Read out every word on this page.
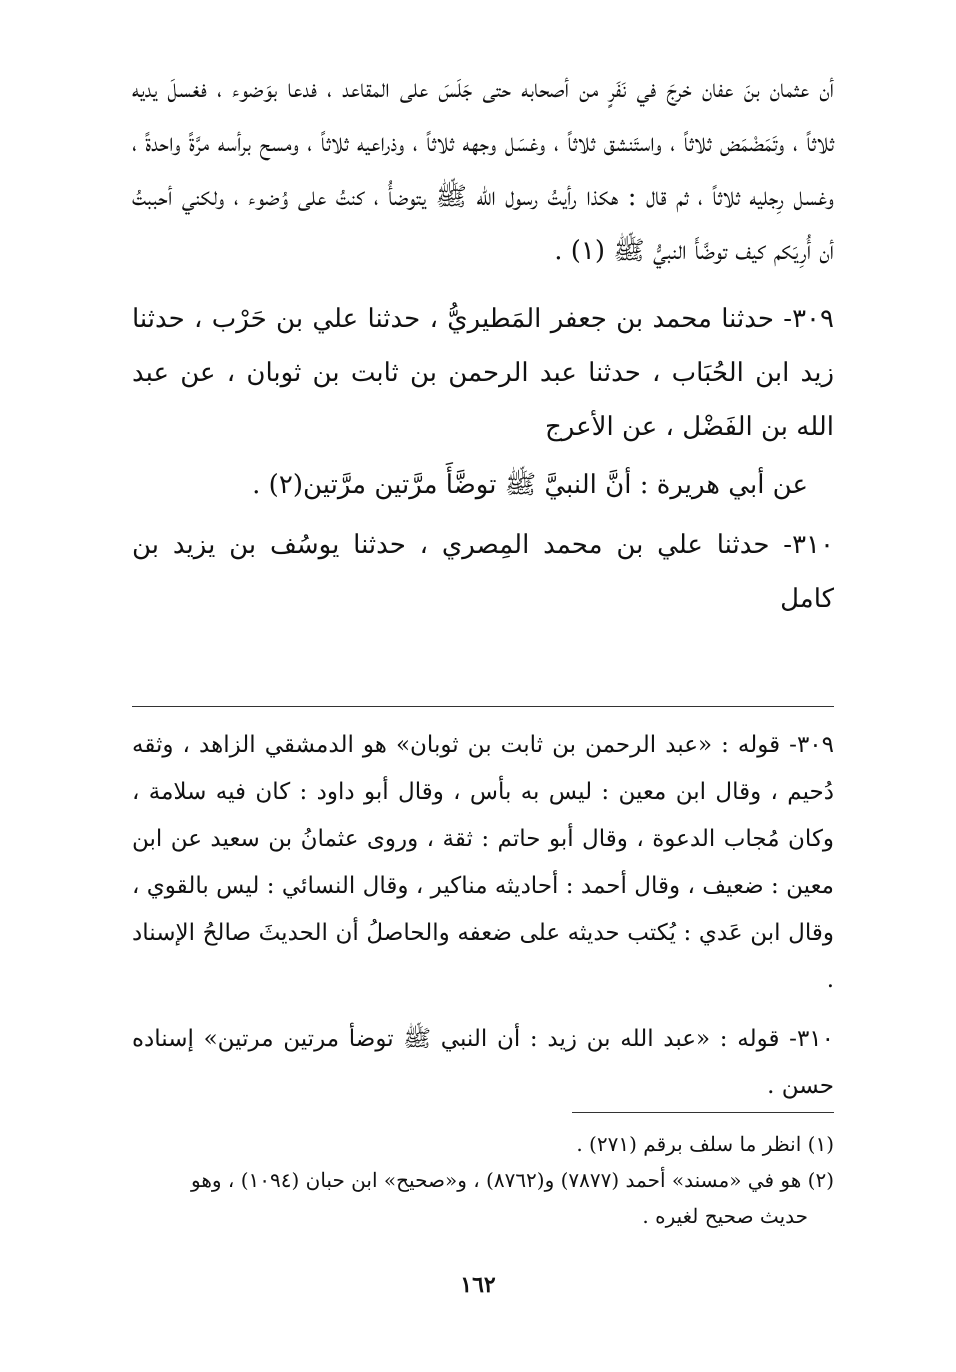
أن عثمان بنَ عفان خرجَ في نَفَرٍ من أصحابه حتى جَلَسَ على المقاعد ، فدعا بوَضوء ، فغسلَ يديه ثلاثاً ، وتَمَضْمَض ثلاثاً ، واستَنشق ثلاثاً ، وغسَل وجهه ثلاثاً ، وذراعيه ثلاثاً ، ومسح برأسه مرَّةً واحدةً ، وغسل رِجليه ثلاثاً ، ثم قال : هكذا رأيتُ رسول الله ﷺ يتوضأُ ، كنتُ على وُضوء ، ولكني أحببتُ أن أُرِيَكم كيف توضَّأَ النبيُّ ﷺ (١) .

٣٠٩- حدثنا محمد بن جعفر المَطيريُّ ، حدثنا علي بن حَرْب ، حدثنا زيد ابن الحُبَاب ، حدثنا عبد الرحمن بن ثابت بن ثوبان ، عن عبد الله بن الفَضْل ، عن الأعرج

عن أبي هريرة : أنَّ النبيَّ ﷺ توضَّأَ مرَّتين مرَّتين(٢) .

٣١٠- حدثنا علي بن محمد المِصري ، حدثنا يوسُف بن يزيد بن كامل

٣٠٩- قوله : «عبد الرحمن بن ثابت بن ثوبان» هو الدمشقي الزاهد ، وثقه دُحيم ، وقال ابن معين : ليس به بأس ، وقال أبو داود : كان فيه سلامة ، وكان مُجاب الدعوة ، وقال أبو حاتم : ثقة ، وروى عثمانُ بن سعيد عن ابن معين : ضعيف ، وقال أحمد : أحاديثه مناكير ، وقال النسائي : ليس بالقوي ، وقال ابن عَدي : يُكتب حديثه على ضعفه والحاصلُ أن الحديثَ صالحُ الإسناد .

٣١٠- قوله : «عبد الله بن زيد : أن النبي ﷺ توضأ مرتين مرتين» إسناده حسن .

(١) انظر ما سلف برقم (٢٧١) .

(٢) هو في «مسند» أحمد (٧٨٧٧) و(٨٧٦٢) ، و«صحيح» ابن حبان (١٠٩٤) ، وهو

حديث صحيح لغيره .

١٦٢
